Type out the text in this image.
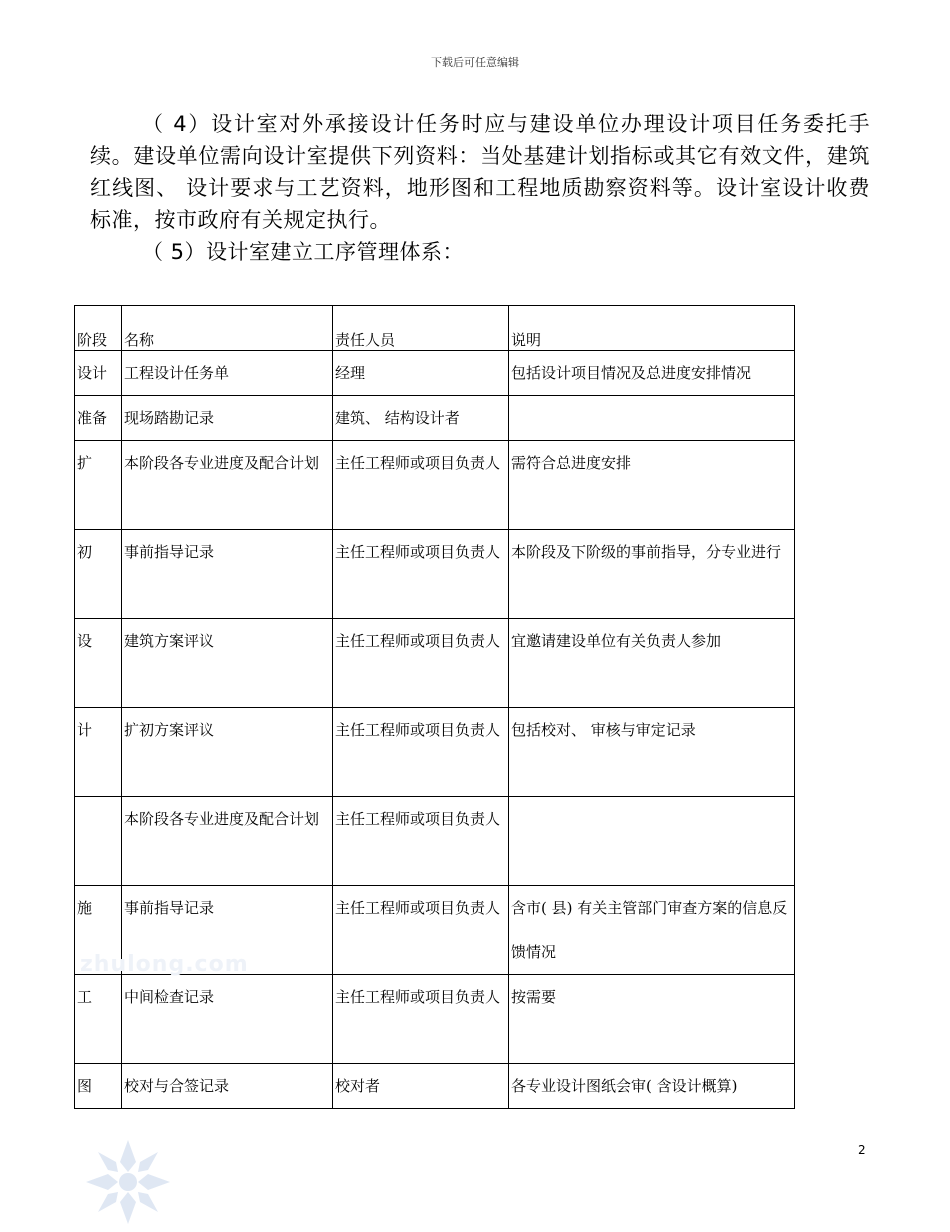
下载后可任意编辑

（ 4）设计室对外承接设计任务时应与建设单位办理设计项目任务委托手续。建设单位需向设计室提供下列资料：当处基建计划指标或其它有效文件，建筑红线图、 设计要求与工艺资料，地形图和工程地质勘察资料等。设计室设计收费标准，按市政府有关规定执行。

（ 5）设计室建立工序管理体系：

阶段	名称	责任人员	说明
设计	工程设计任务单	经理	包括设计项目情况及总进度安排情况
准备	现场踏勘记录	建筑、 结构设计者	
扩	本阶段各专业进度及配合计划	主任工程师或项目负责人	需符合总进度安排
初	事前指导记录	主任工程师或项目负责人	本阶段及下阶级的事前指导，分专业进行
设	建筑方案评议	主任工程师或项目负责人	宜邀请建设单位有关负责人参加
计	扩初方案评议	主任工程师或项目负责人	包括校对、 审核与审定记录
	本阶段各专业进度及配合计划	主任工程师或项目负责人	
施	事前指导记录	主任工程师或项目负责人	含市( 县) 有关主管部门审查方案的信息反馈情况
工	中间检查记录	主任工程师或项目负责人	按需要
图	校对与合签记录	校对者	各专业设计图纸会审( 含设计概算)
zhulong.com
2
